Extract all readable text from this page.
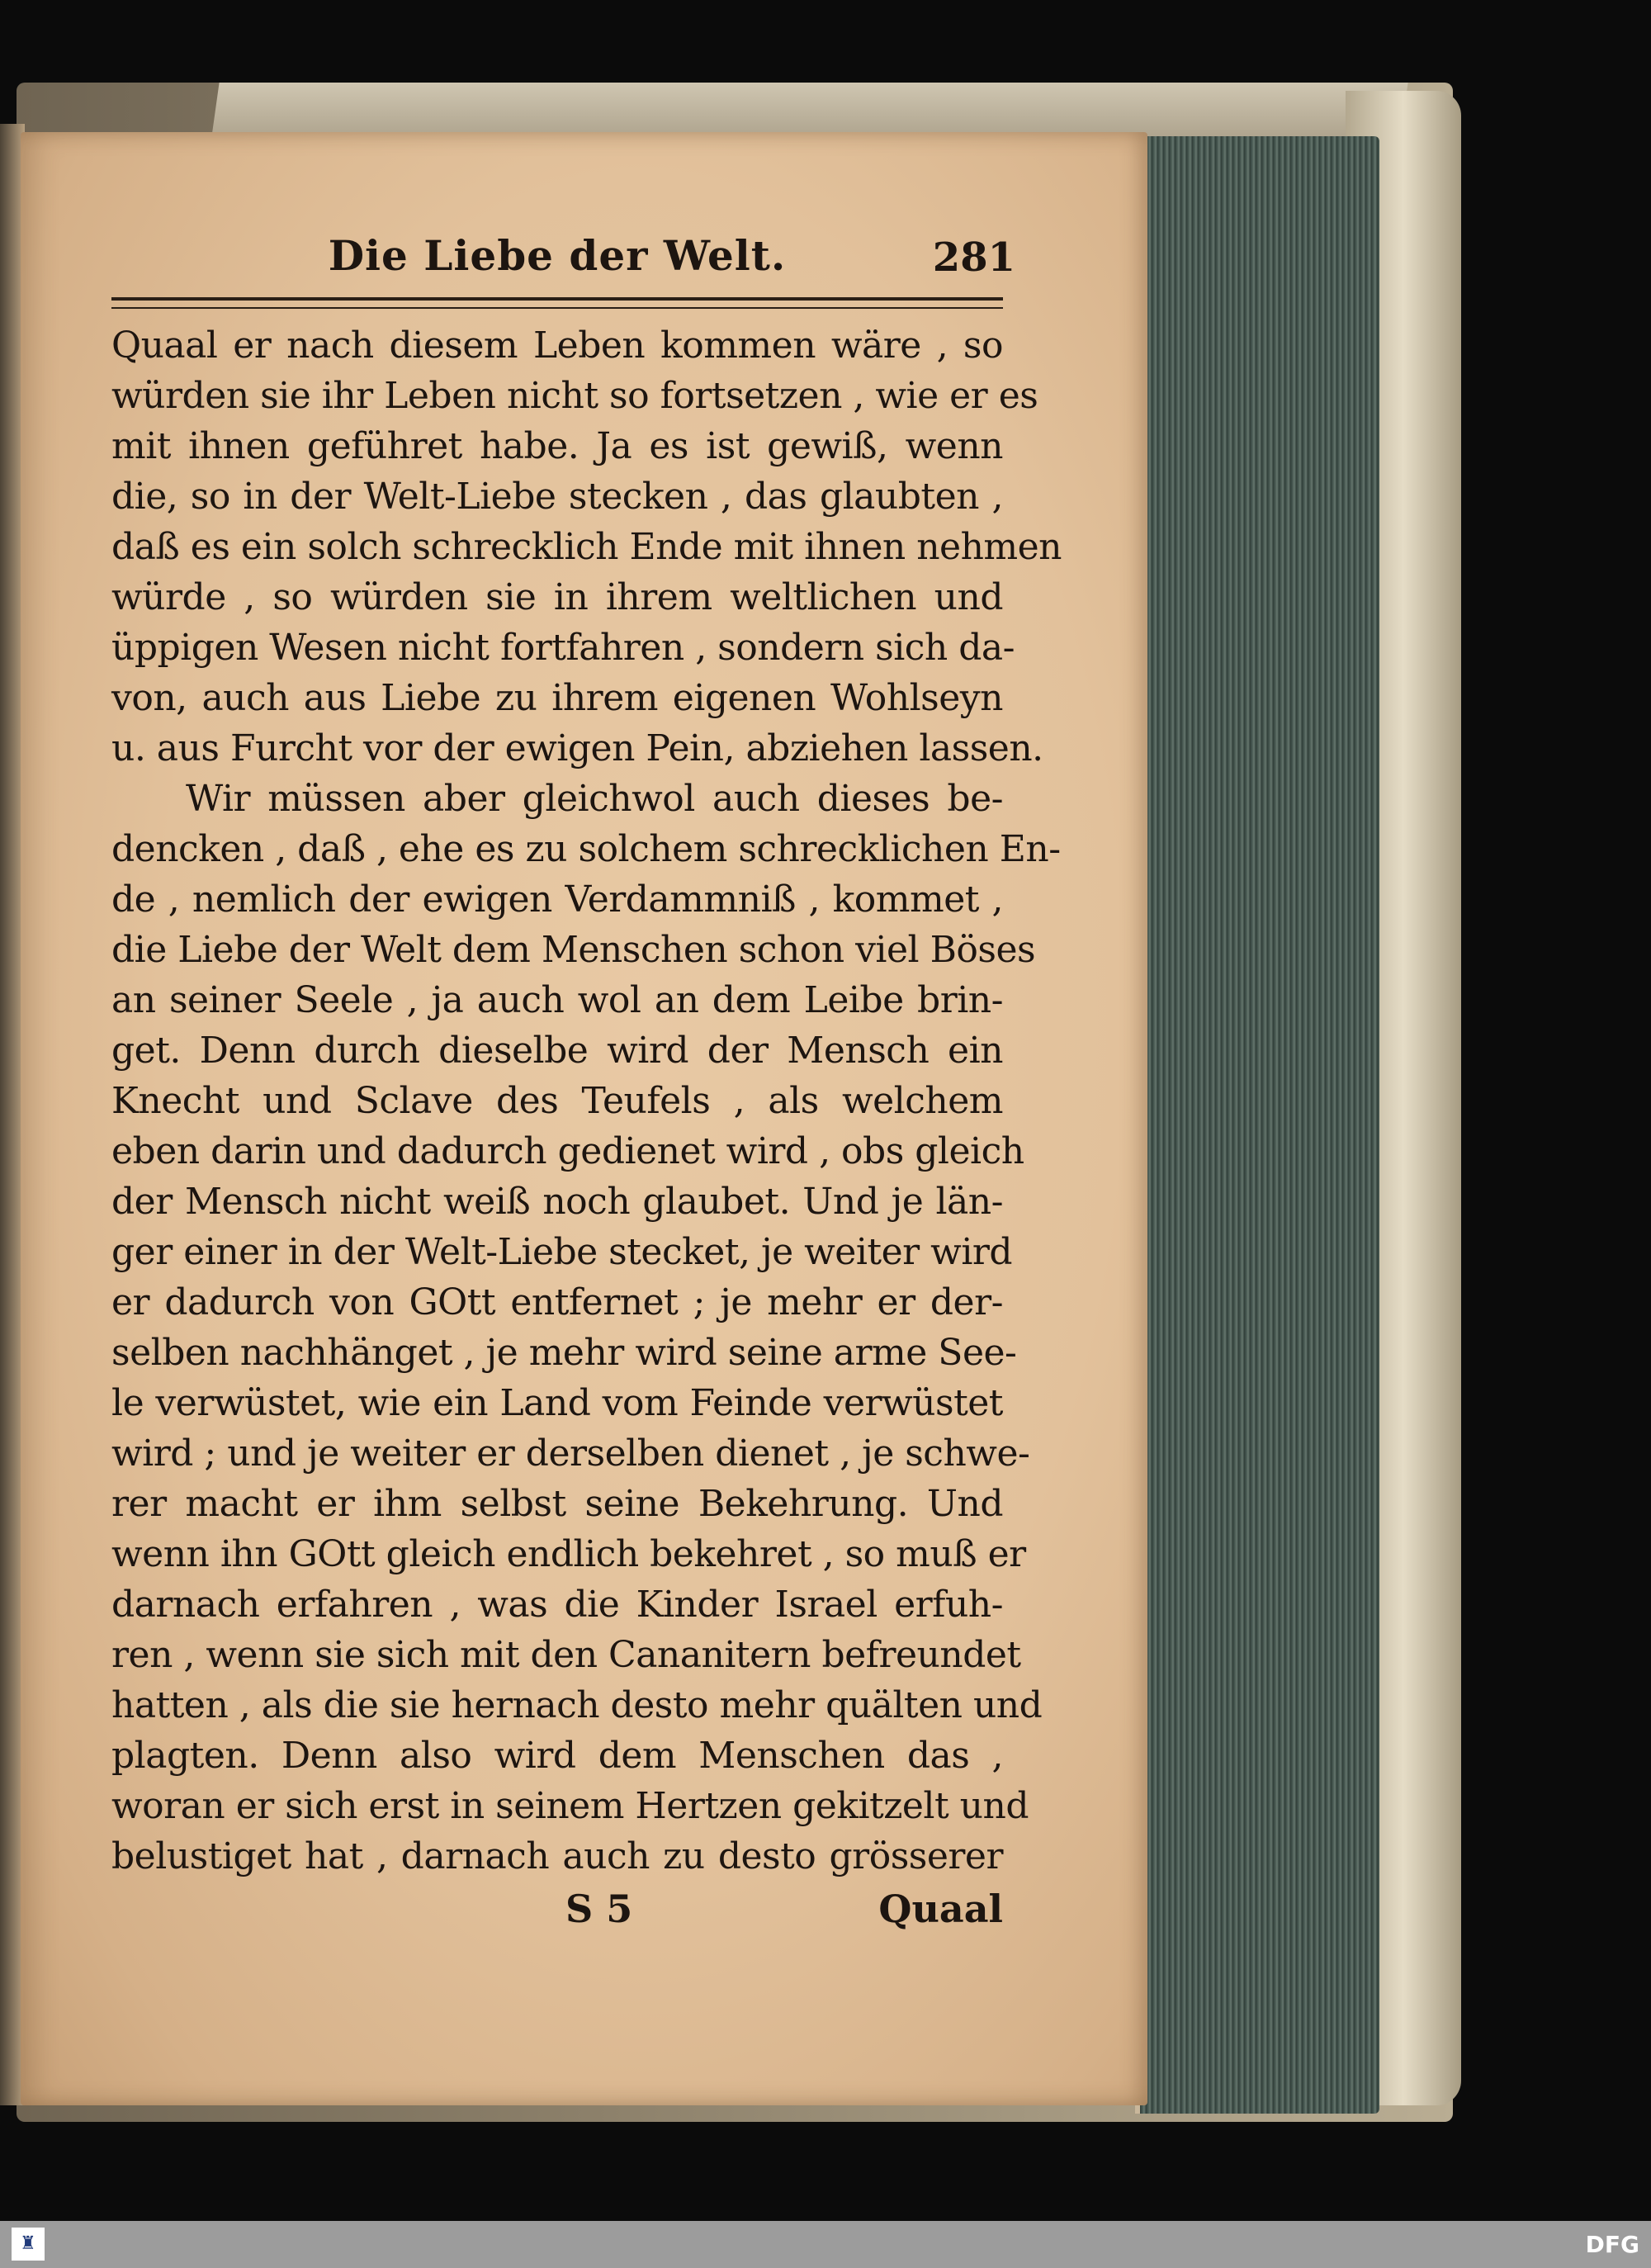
Die Liebe der Welt.	281
Quaal er nach diesem Leben kommen wäre , so
würden sie ihr Leben nicht so fortsetzen , wie er es
mit ihnen geführet habe. Ja es ist gewiß, wenn
die, so in der Welt-Liebe stecken , das glaubten ,
daß es ein solch schrecklich Ende mit ihnen nehmen
würde , so würden sie in ihrem weltlichen und
üppigen Wesen nicht fortfahren , sondern sich da-
von, auch aus Liebe zu ihrem eigenen Wohlseyn
u. aus Furcht vor der ewigen Pein, abziehen lassen.
Wir müssen aber gleichwol auch dieses be-
dencken , daß , ehe es zu solchem schrecklichen En-
de , nemlich der ewigen Verdammniß , kommet ,
die Liebe der Welt dem Menschen schon viel Böses
an seiner Seele , ja auch wol an dem Leibe brin-
get. Denn durch dieselbe wird der Mensch ein
Knecht und Sclave des Teufels , als welchem
eben darin und dadurch gedienet wird , obs gleich
der Mensch nicht weiß noch glaubet. Und je län-
ger einer in der Welt-Liebe stecket, je weiter wird
er dadurch von GOtt entfernet ; je mehr er der-
selben nachhänget , je mehr wird seine arme See-
le verwüstet, wie ein Land vom Feinde verwüstet
wird ; und je weiter er derselben dienet , je schwe-
rer macht er ihm selbst seine Bekehrung. Und
wenn ihn GOtt gleich endlich bekehret , so muß er
darnach erfahren , was die Kinder Israel erfuh-
ren , wenn sie sich mit den Cananitern befreundet
hatten , als die sie hernach desto mehr quälten und
plagten. Denn also wird dem Menschen das ,
woran er sich erst in seinem Hertzen gekitzelt und
belustiget hat , darnach auch zu desto grösserer
S 5	Quaal
♜	DFG
